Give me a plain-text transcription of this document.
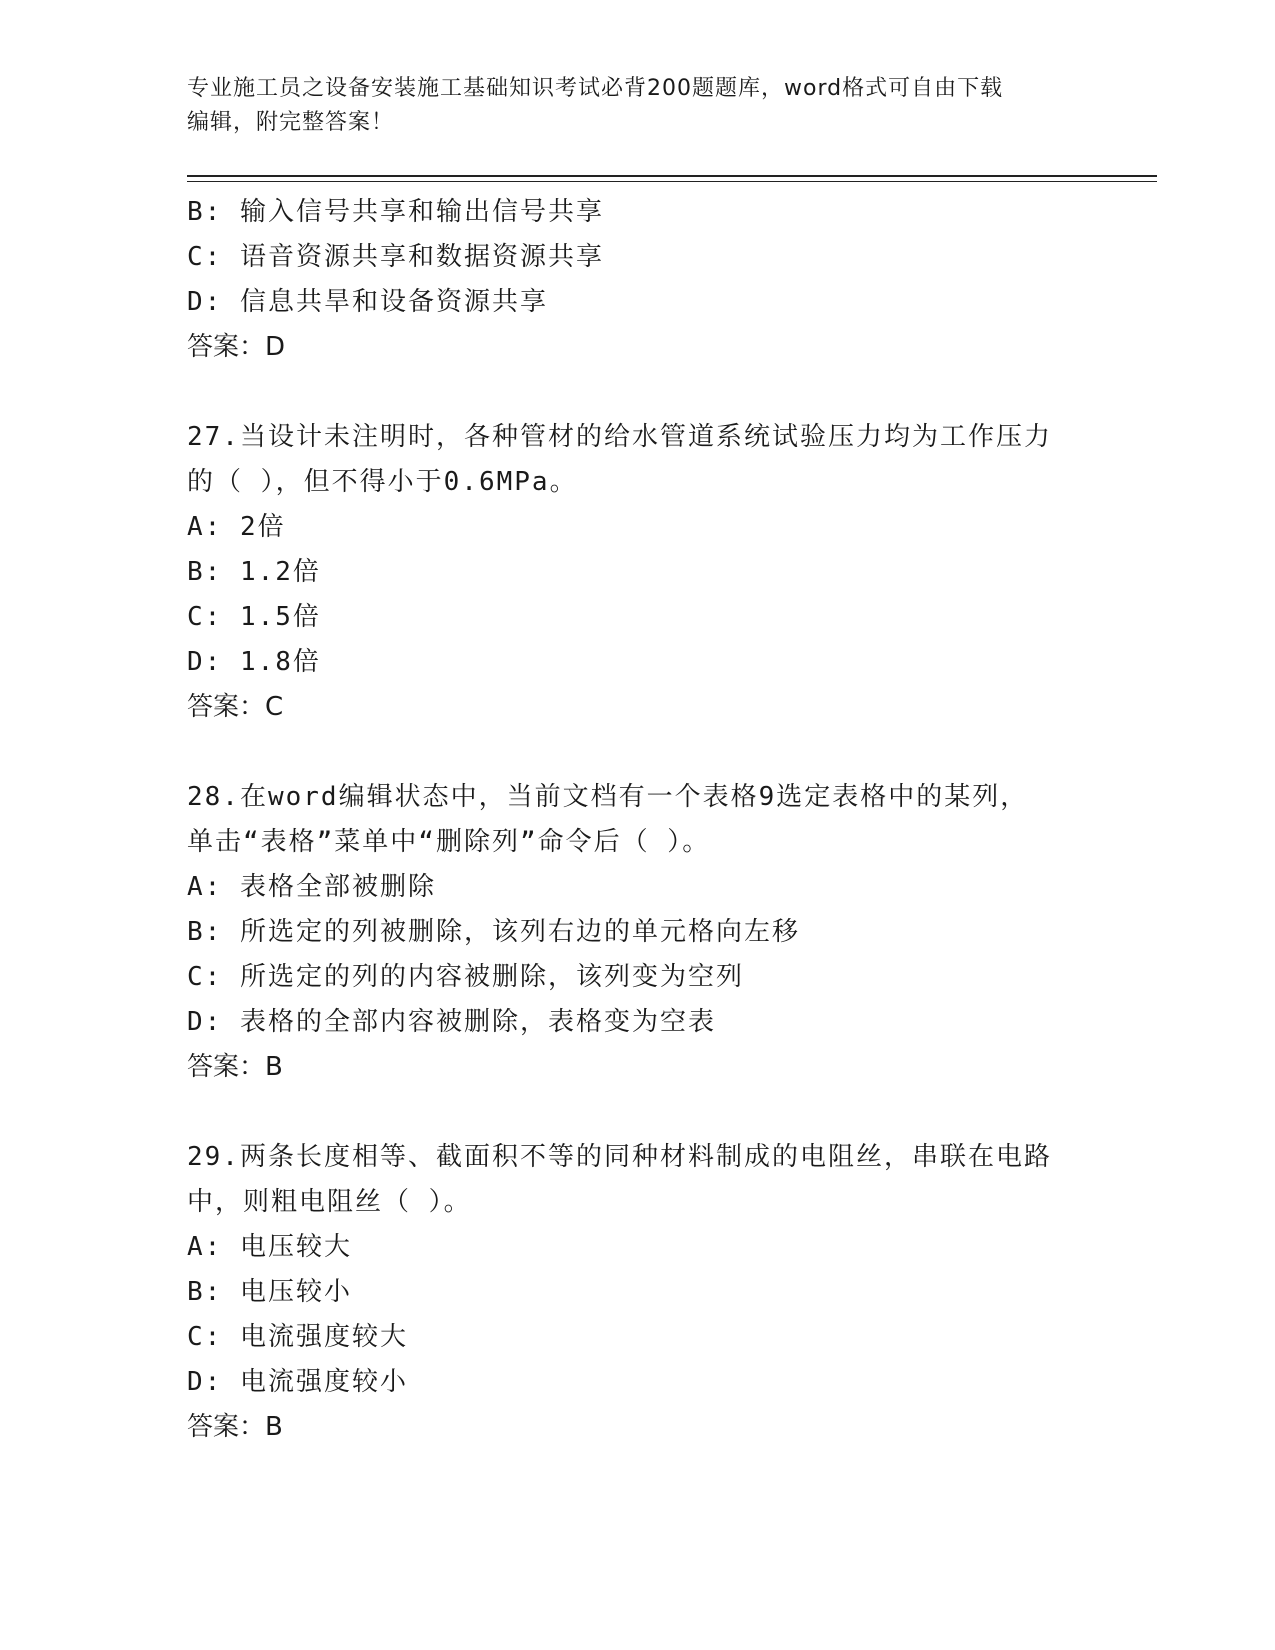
专业施工员之设备安装施工基础知识考试必背200题题库，word格式可自由下载
编辑，附完整答案！
B: 输入信号共享和输出信号共享
C: 语音资源共享和数据资源共享
D: 信息共旱和设备资源共享
答案：D
27.当设计未注明时，各种管材的给水管道系统试验压力均为工作压力
的（ ），但不得小于0.6MPa。
A: 2倍
B: 1.2倍
C: 1.5倍
D: 1.8倍
答案：C
28.在word编辑状态中，当前文档有一个表格9选定表格中的某列，
单击“表格”菜单中“删除列”命令后（ ）。
A: 表格全部被删除
B: 所选定的列被删除，该列右边的单元格向左移
C: 所选定的列的内容被删除，该列变为空列
D: 表格的全部内容被删除，表格变为空表
答案：B
29.两条长度相等、截面积不等的同种材料制成的电阻丝，串联在电路
中，则粗电阻丝（ ）。
A: 电压较大
B: 电压较小
C: 电流强度较大
D: 电流强度较小
答案：B
